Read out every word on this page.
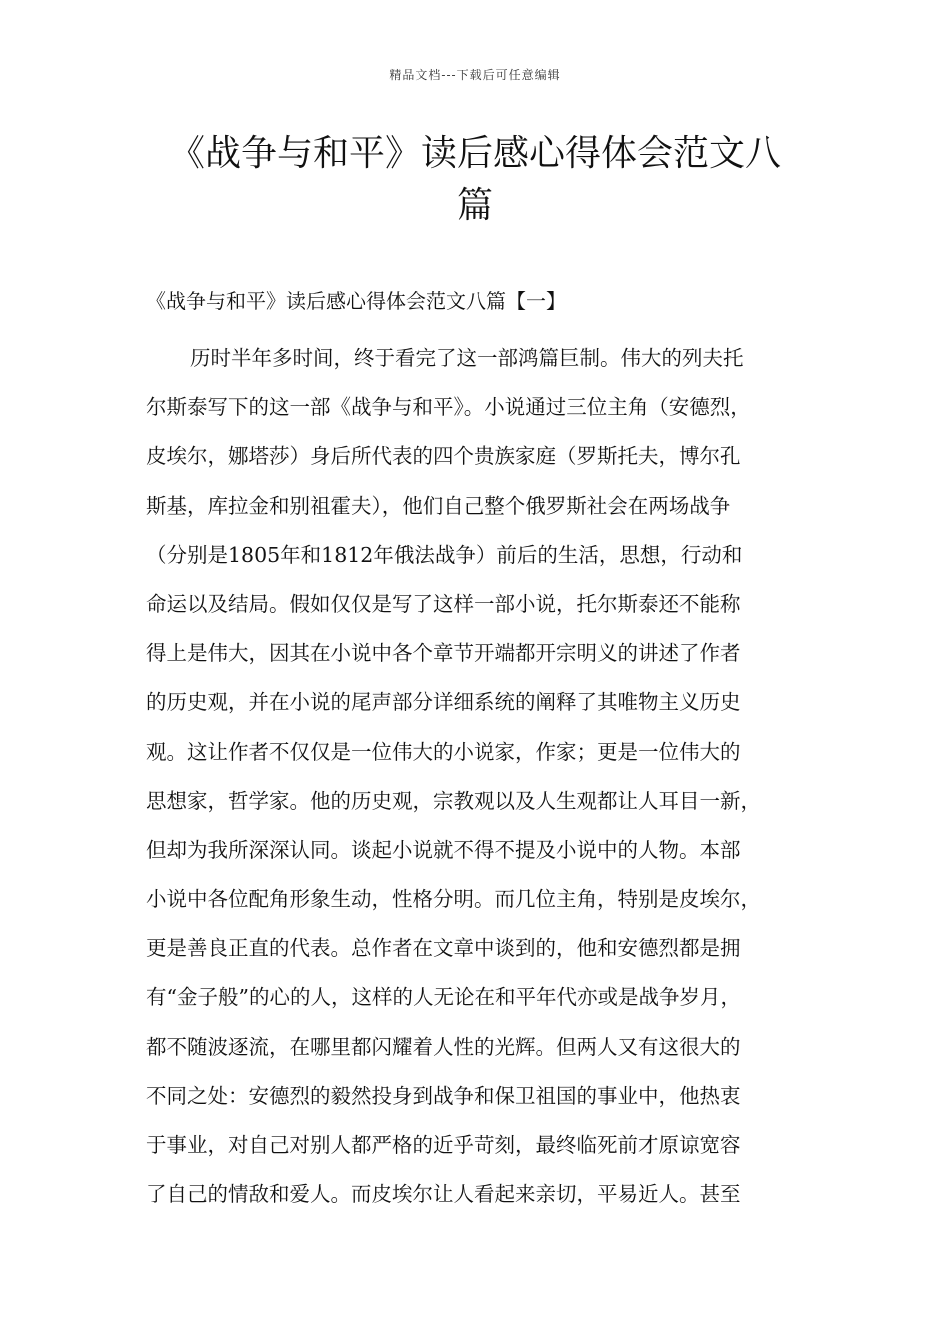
精品文档---下载后可任意编辑
《战争与和平》读后感心得体会范文八
篇
《战争与和平》读后感心得体会范文八篇【一】
历时半年多时间，终于看完了这一部鸿篇巨制。伟大的列夫托
尔斯泰写下的这一部《战争与和平》。小说通过三位主角（安德烈，
皮埃尔，娜塔莎）身后所代表的四个贵族家庭（罗斯托夫，博尔孔
斯基，库拉金和别祖霍夫），他们自己整个俄罗斯社会在两场战争
（分别是1805年和1812年俄法战争）前后的生活，思想，行动和
命运以及结局。假如仅仅是写了这样一部小说，托尔斯泰还不能称
得上是伟大，因其在小说中各个章节开端都开宗明义的讲述了作者
的历史观，并在小说的尾声部分详细系统的阐释了其唯物主义历史
观。这让作者不仅仅是一位伟大的小说家，作家；更是一位伟大的
思想家，哲学家。他的历史观，宗教观以及人生观都让人耳目一新，
但却为我所深深认同。谈起小说就不得不提及小说中的人物。本部
小说中各位配角形象生动，性格分明。而几位主角，特别是皮埃尔，
更是善良正直的代表。总作者在文章中谈到的，他和安德烈都是拥
有“金子般”的心的人，这样的人无论在和平年代亦或是战争岁月，
都不随波逐流，在哪里都闪耀着人性的光辉。但两人又有这很大的
不同之处：安德烈的毅然投身到战争和保卫祖国的事业中，他热衷
于事业，对自己对别人都严格的近乎苛刻，最终临死前才原谅宽容
了自己的情敌和爱人。而皮埃尔让人看起来亲切，平易近人。甚至
